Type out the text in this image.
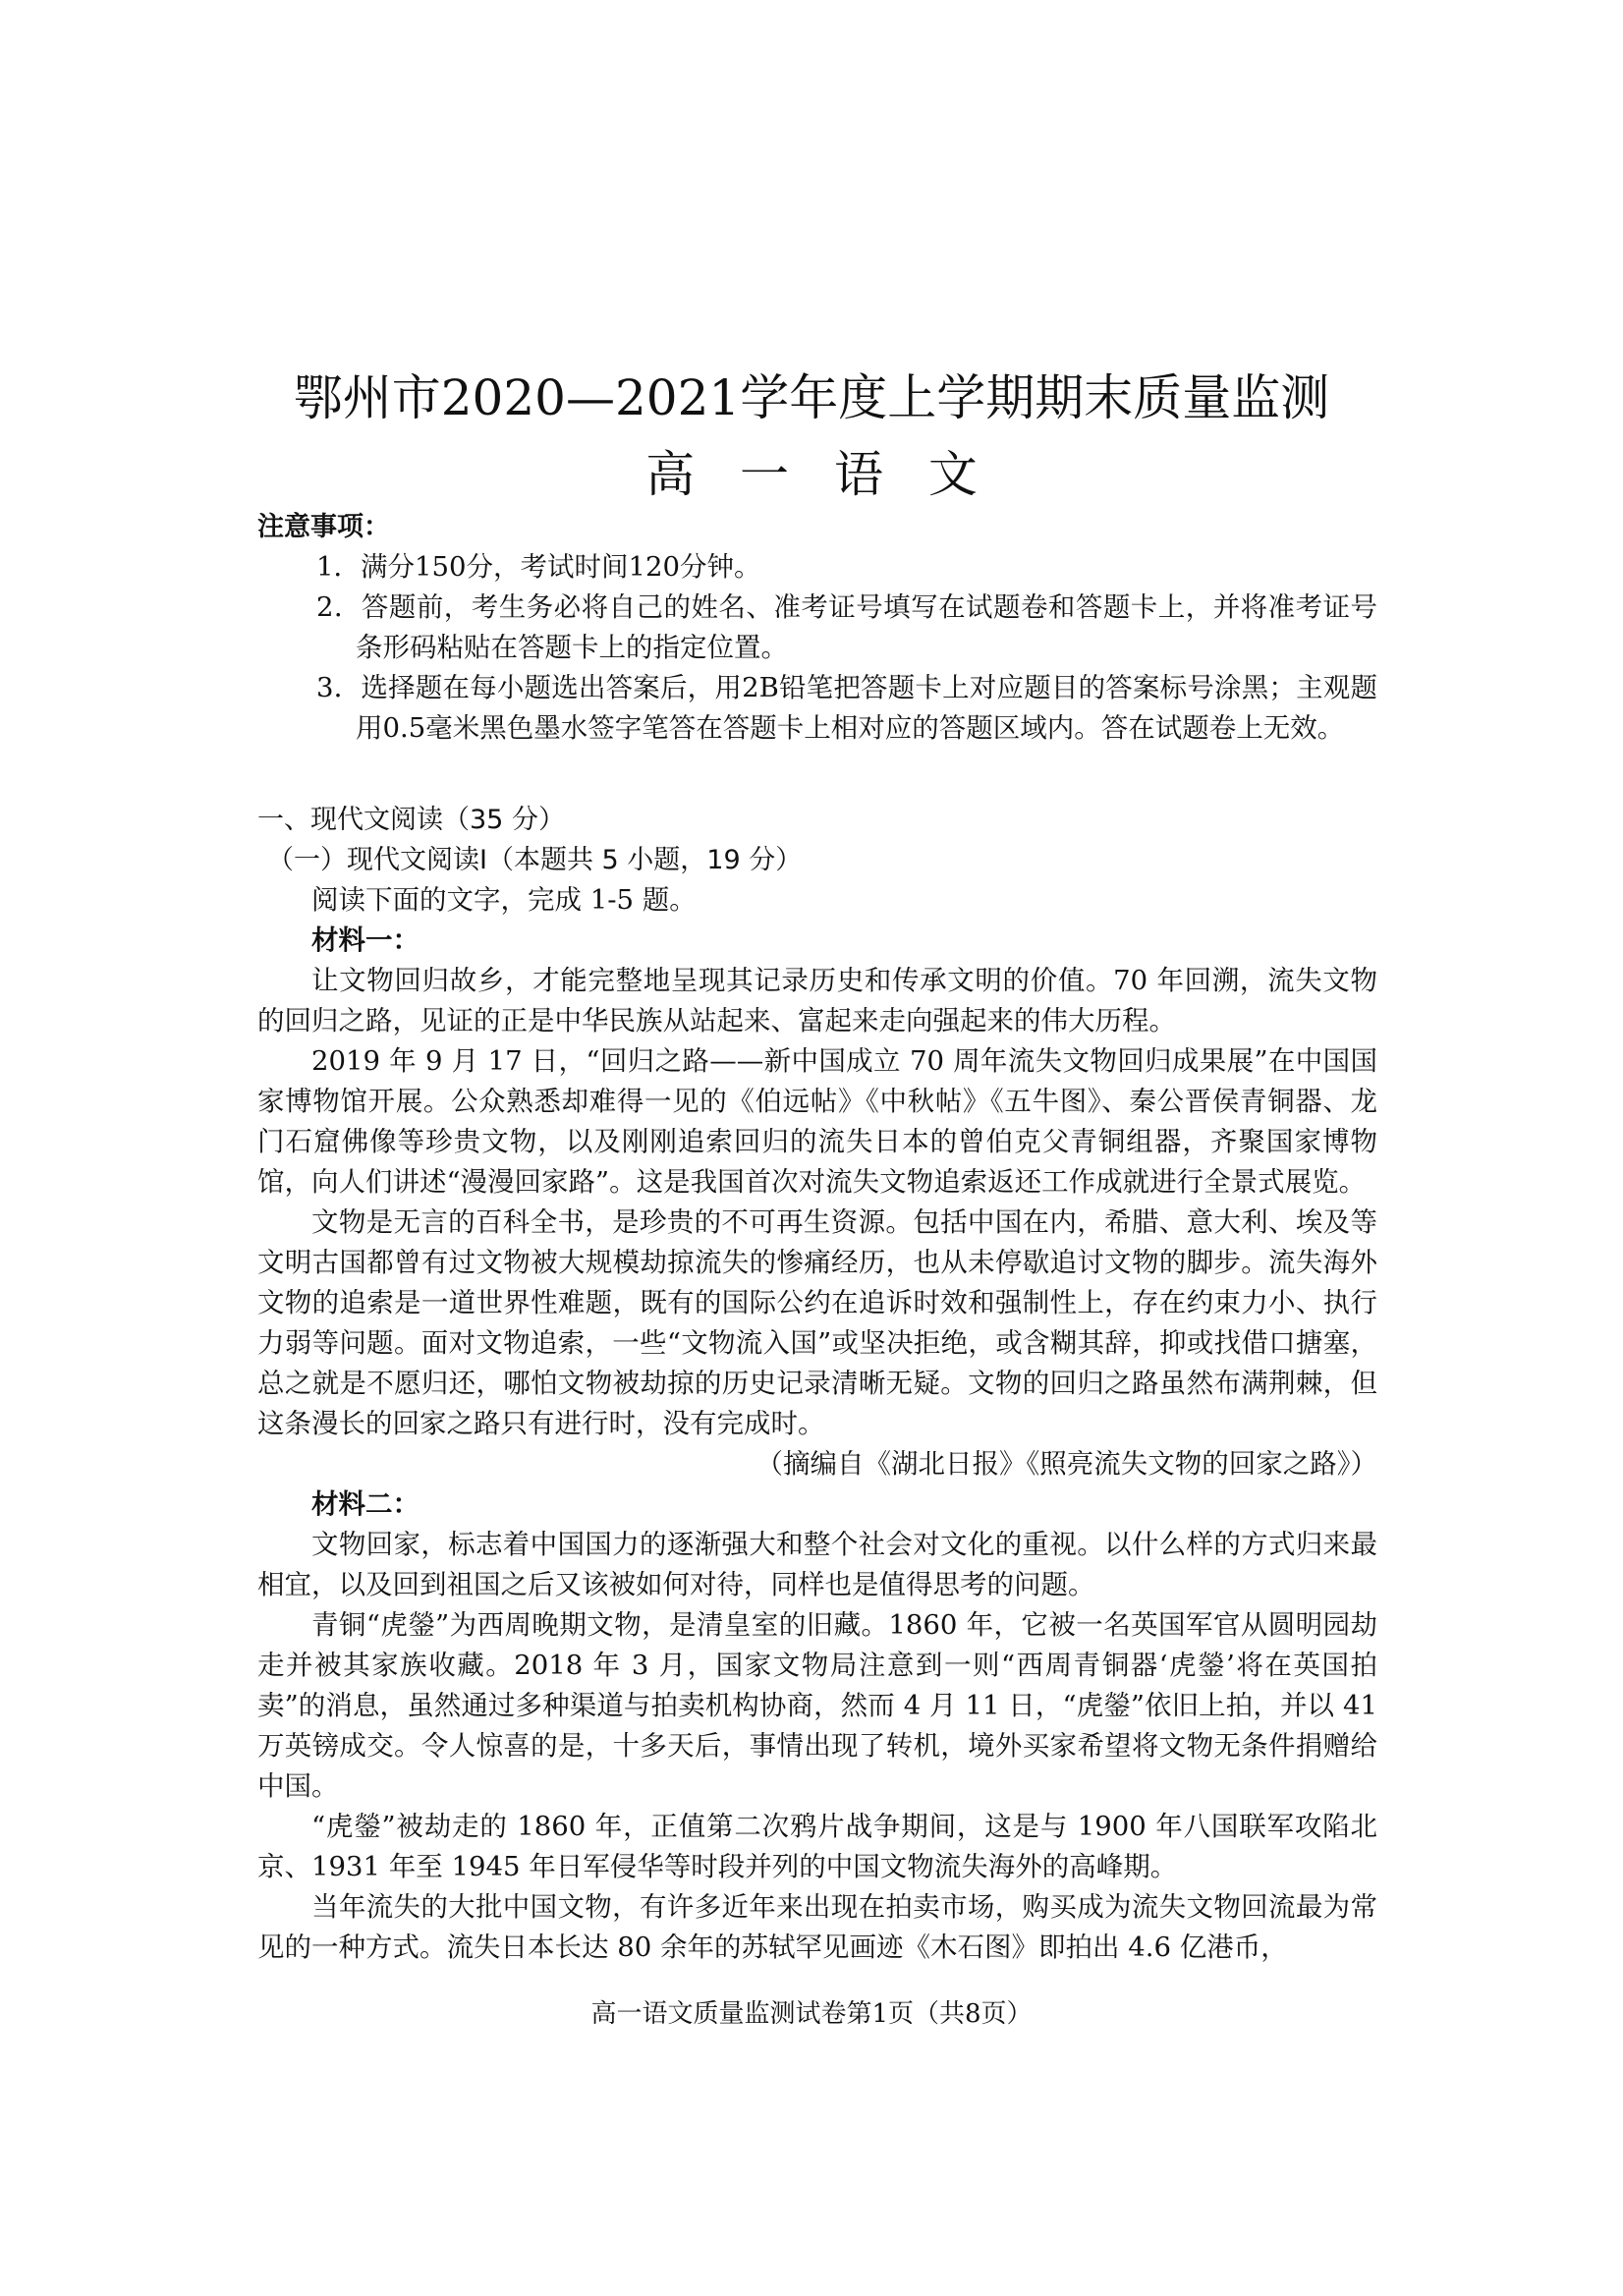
鄂州市2020—2021学年度上学期期末质量监测
高 一 语 文

注意事项：

1．满分150分，考试时间120分钟。
2．答题前，考生务必将自己的姓名、准考证号填写在试题卷和答题卡上，并将准考证号条形码粘贴在答题卡上的指定位置。
3．选择题在每小题选出答案后，用2B铅笔把答题卡上对应题目的答案标号涂黑；主观题用0.5毫米黑色墨水签字笔答在答题卡上相对应的答题区域内。答在试题卷上无效。

一、现代文阅读（35 分）

（一）现代文阅读Ⅰ（本题共 5 小题，19 分）

阅读下面的文字，完成 1-5 题。

材料一：

让文物回归故乡，才能完整地呈现其记录历史和传承文明的价值。70 年回溯，流失文物的回归之路，见证的正是中华民族从站起来、富起来走向强起来的伟大历程。

2019 年 9 月 17 日，“回归之路——新中国成立 70 周年流失文物回归成果展”在中国国家博物馆开展。公众熟悉却难得一见的《伯远帖》《中秋帖》《五牛图》、秦公晋侯青铜器、龙门石窟佛像等珍贵文物，以及刚刚追索回归的流失日本的曾伯克父青铜组器，齐聚国家博物馆，向人们讲述“漫漫回家路”。这是我国首次对流失文物追索返还工作成就进行全景式展览。

文物是无言的百科全书，是珍贵的不可再生资源。包括中国在内，希腊、意大利、埃及等文明古国都曾有过文物被大规模劫掠流失的惨痛经历，也从未停歇追讨文物的脚步。流失海外文物的追索是一道世界性难题，既有的国际公约在追诉时效和强制性上，存在约束力小、执行力弱等问题。面对文物追索，一些“文物流入国”或坚决拒绝，或含糊其辞，抑或找借口搪塞，总之就是不愿归还，哪怕文物被劫掠的历史记录清晰无疑。文物的回归之路虽然布满荆棘，但这条漫长的回家之路只有进行时，没有完成时。

（摘编自《湖北日报》《照亮流失文物的回家之路》）

材料二：

文物回家，标志着中国国力的逐渐强大和整个社会对文化的重视。以什么样的方式归来最相宜，以及回到祖国之后又该被如何对待，同样也是值得思考的问题。

青铜“虎鎣”为西周晚期文物，是清皇室的旧藏。1860 年，它被一名英国军官从圆明园劫走并被其家族收藏。2018 年 3 月，国家文物局注意到一则“西周青铜器‘虎鎣’将在英国拍卖”的消息，虽然通过多种渠道与拍卖机构协商，然而 4 月 11 日，“虎鎣”依旧上拍，并以 41 万英镑成交。令人惊喜的是，十多天后，事情出现了转机，境外买家希望将文物无条件捐赠给中国。

“虎鎣”被劫走的 1860 年，正值第二次鸦片战争期间，这是与 1900 年八国联军攻陷北京、1931 年至 1945 年日军侵华等时段并列的中国文物流失海外的高峰期。

当年流失的大批中国文物，有许多近年来出现在拍卖市场，购买成为流失文物回流最为常见的一种方式。流失日本长达 80 余年的苏轼罕见画迹《木石图》即拍出 4.6 亿港币，

高一语文质量监测试卷第1页（共8页）
